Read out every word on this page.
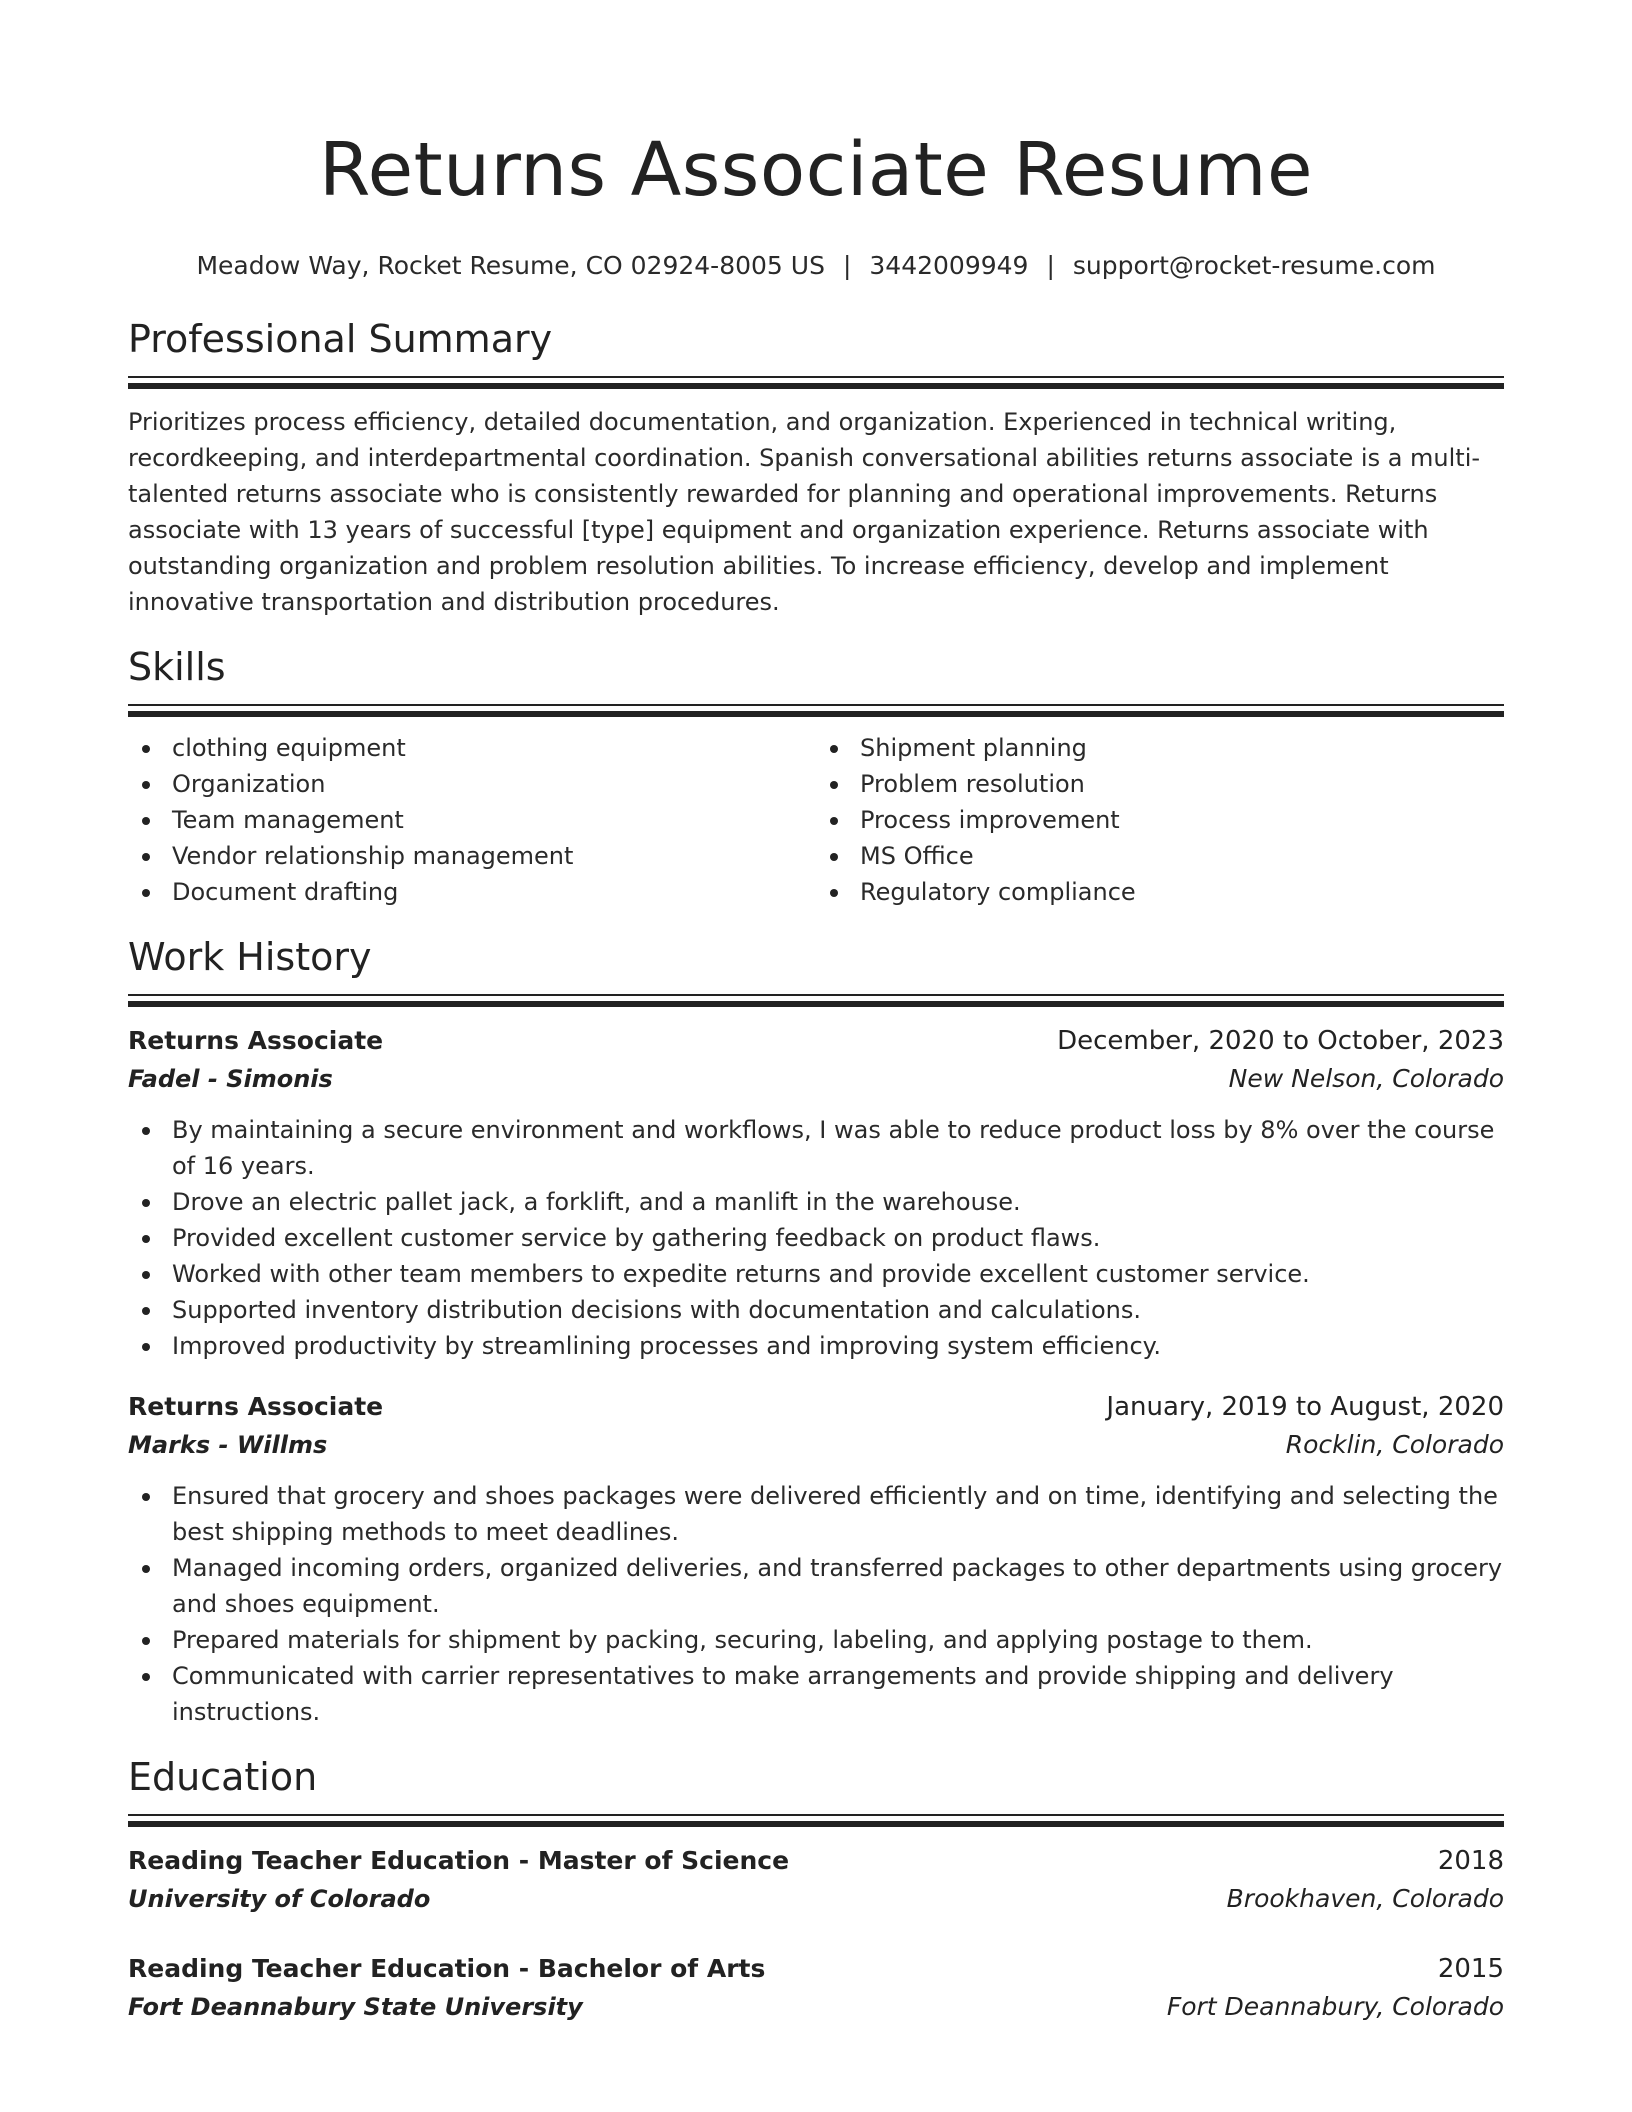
Returns Associate Resume
Meadow Way, Rocket Resume, CO 02924-8005 US | 3442009949 | support@rocket-resume.com
Professional Summary

Prioritizes process efficiency, detailed documentation, and organization. Experienced in technical writing, recordkeeping, and interdepartmental coordination. Spanish conversational abilities returns associate is a multi-talented returns associate who is consistently rewarded for planning and operational improvements. Returns associate with 13 years of successful [type] equipment and organization experience. Returns associate with outstanding organization and problem resolution abilities. To increase efficiency, develop and implement innovative transportation and distribution procedures.

Skills
clothing equipment
Organization
Team management
Vendor relationship management
Document drafting
Shipment planning
Problem resolution
Process improvement
MS Office
Regulatory compliance
Work History
Returns Associate	December, 2020 to October, 2023
Fadel - Simonis	New Nelson, Colorado
By maintaining a secure environment and workflows, I was able to reduce product loss by 8% over the course of 16 years.
Drove an electric pallet jack, a forklift, and a manlift in the warehouse.
Provided excellent customer service by gathering feedback on product flaws.
Worked with other team members to expedite returns and provide excellent customer service.
Supported inventory distribution decisions with documentation and calculations.
Improved productivity by streamlining processes and improving system efficiency.
Returns Associate	January, 2019 to August, 2020
Marks - Willms	Rocklin, Colorado
Ensured that grocery and shoes packages were delivered efficiently and on time, identifying and selecting the best shipping methods to meet deadlines.
Managed incoming orders, organized deliveries, and transferred packages to other departments using grocery and shoes equipment.
Prepared materials for shipment by packing, securing, labeling, and applying postage to them.
Communicated with carrier representatives to make arrangements and provide shipping and delivery instructions.
Education
Reading Teacher Education - Master of Science	2018
University of Colorado	Brookhaven, Colorado
Reading Teacher Education - Bachelor of Arts	2015
Fort Deannabury State University	Fort Deannabury, Colorado
